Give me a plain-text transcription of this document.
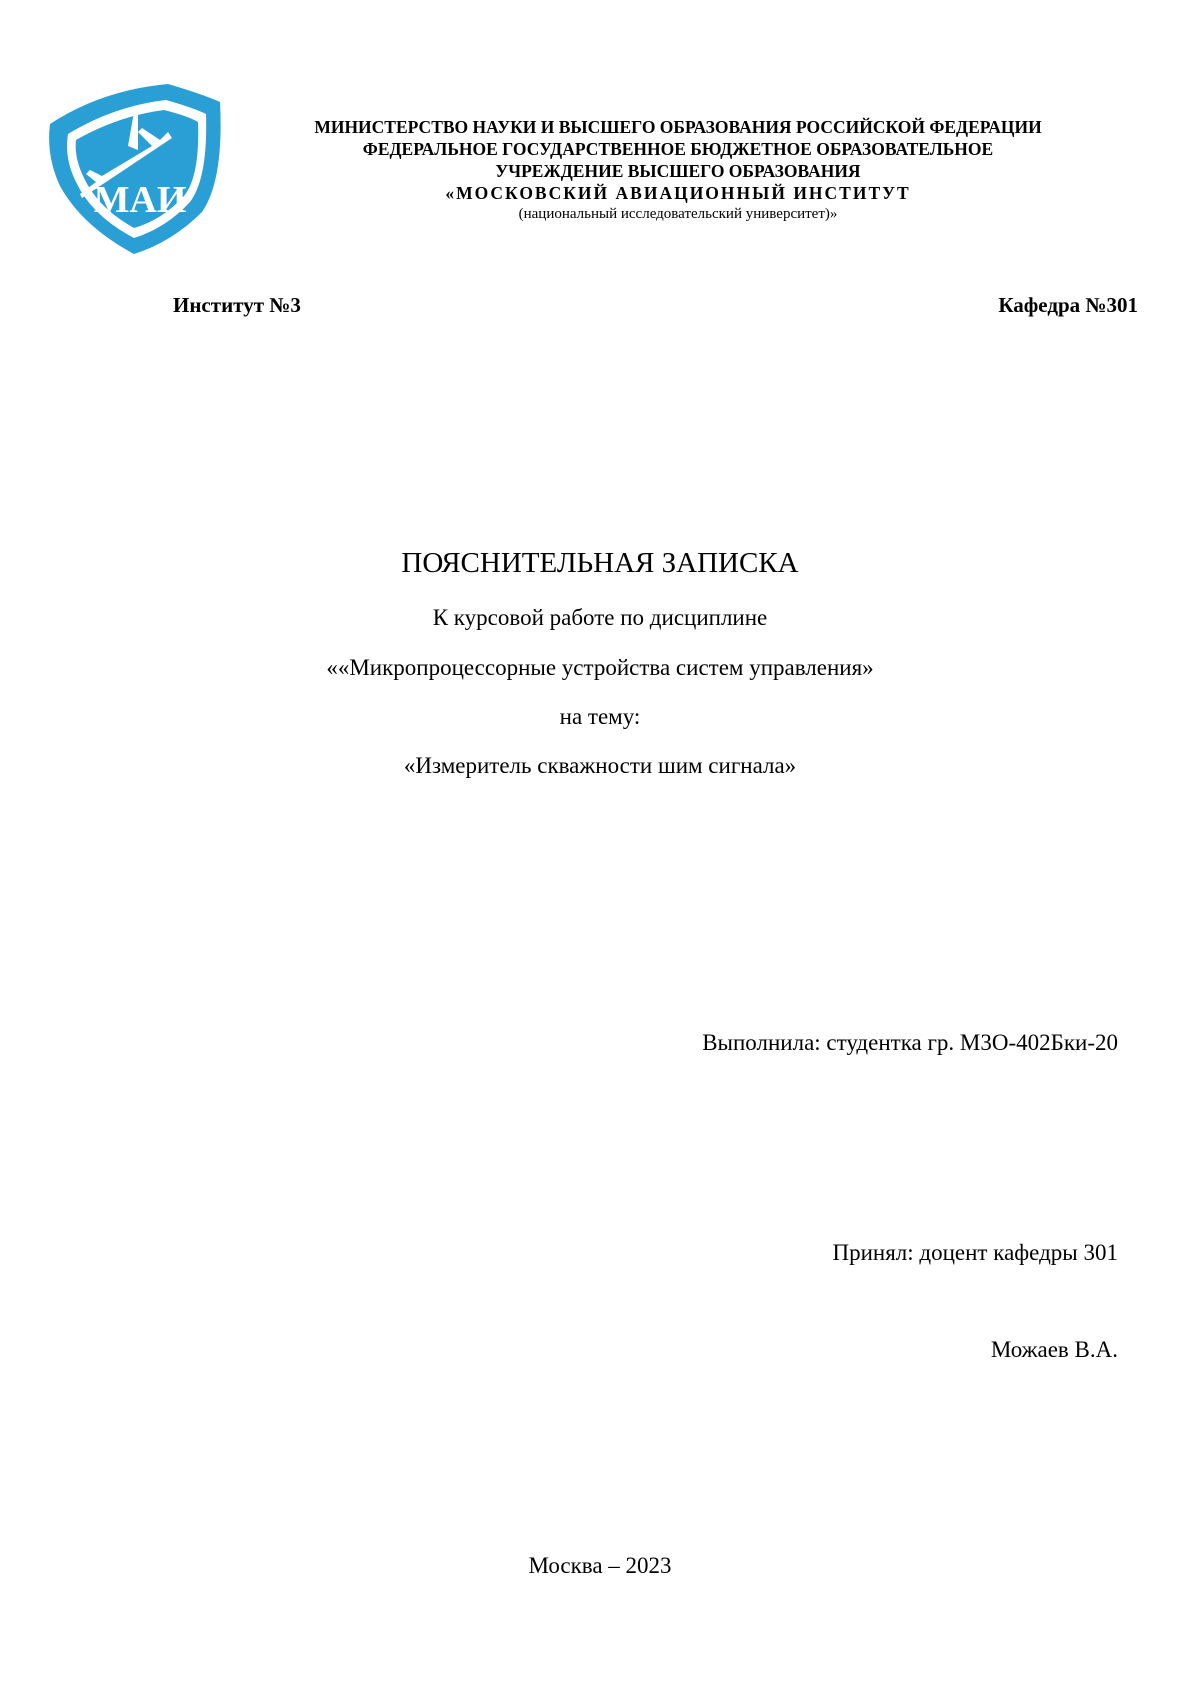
МАИ
МИНИСТЕРСТВО НАУКИ И ВЫСШЕГО ОБРАЗОВАНИЯ РОССИЙСКОЙ ФЕДЕРАЦИИ
ФЕДЕРАЛЬНОЕ ГОСУДАРСТВЕННОЕ БЮДЖЕТНОЕ ОБРАЗОВАТЕЛЬНОЕ
УЧРЕЖДЕНИЕ ВЫСШЕГО ОБРАЗОВАНИЯ
«МОСКОВСКИЙ АВИАЦИОННЫЙ ИНСТИТУТ
(национальный исследовательский университет)»
Институт №3	Кафедра №301
ПОЯСНИТЕЛЬНАЯ ЗАПИСКА
К курсовой работе по дисциплине
««Микропроцессорные устройства систем управления»
на тему:
«Измеритель скважности шим сигнала»
Выполнила: студентка гр. М3О-402Бки-20
Принял: доцент кафедры 301
Можаев В.А.
Москва – 2023
